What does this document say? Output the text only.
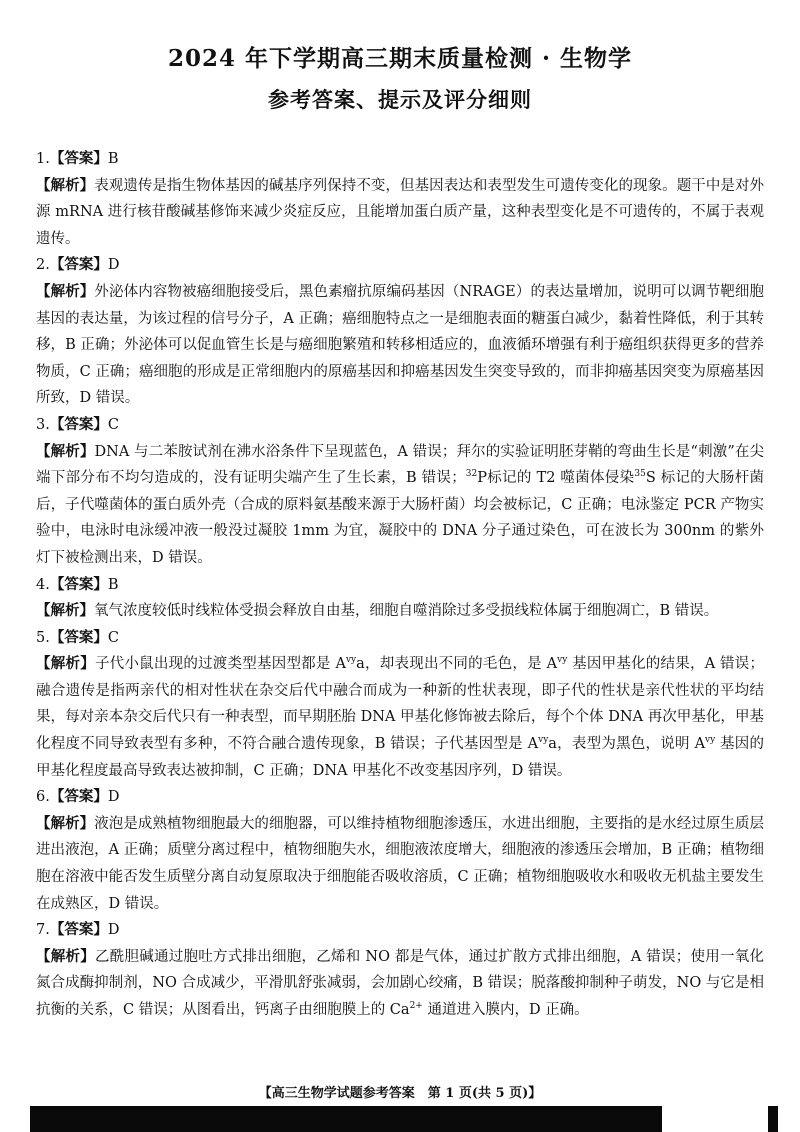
2024 年下学期高三期末质量检测 · 生物学
参考答案、提示及评分细则

1.【答案】B

【解析】表观遗传是指生物体基因的碱基序列保持不变，但基因表达和表型发生可遗传变化的现象。题干中是对外源 mRNA 进行核苷酸碱基修饰来减少炎症反应，且能增加蛋白质产量，这种表型变化是不可遗传的，不属于表观遗传。

2.【答案】D

【解析】外泌体内容物被癌细胞接受后，黑色素瘤抗原编码基因（NRAGE）的表达量增加，说明可以调节靶细胞基因的表达量，为该过程的信号分子，A 正确；癌细胞特点之一是细胞表面的糖蛋白减少，黏着性降低，利于其转移，B 正确；外泌体可以促血管生长是与癌细胞繁殖和转移相适应的，血液循环增强有利于癌组织获得更多的营养物质，C 正确；癌细胞的形成是正常细胞内的原癌基因和抑癌基因发生突变导致的，而非抑癌基因突变为原癌基因所致，D 错误。

3.【答案】C

【解析】DNA 与二苯胺试剂在沸水浴条件下呈现蓝色，A 错误；拜尔的实验证明胚芽鞘的弯曲生长是“刺激”在尖端下部分布不均匀造成的，没有证明尖端产生了生长素，B 错误；$^{32}$P标记的 T2 噬菌体侵染$^{35}$S 标记的大肠杆菌后，子代噬菌体的蛋白质外壳（合成的原料氨基酸来源于大肠杆菌）均会被标记，C 正确；电泳鉴定 PCR 产物实验中，电泳时电泳缓冲液一般没过凝胶 1mm 为宜，凝胶中的 DNA 分子通过染色，可在波长为 300nm 的紫外灯下被检测出来，D 错误。

4.【答案】B

【解析】氧气浓度较低时线粒体受损会释放自由基，细胞自噬消除过多受损线粒体属于细胞凋亡，B 错误。

5.【答案】C

【解析】子代小鼠出现的过渡类型基因型都是 $A^{vy}a$，却表现出不同的毛色，是 $A^{vy}$ 基因甲基化的结果，A 错误；融合遗传是指两亲代的相对性状在杂交后代中融合而成为一种新的性状表现，即子代的性状是亲代性状的平均结果，每对亲本杂交后代只有一种表型，而早期胚胎 DNA 甲基化修饰被去除后，每个个体 DNA 再次甲基化，甲基化程度不同导致表型有多种，不符合融合遗传现象，B 错误；子代基因型是 $A^{vy}a$，表型为黑色，说明 $A^{vy}$ 基因的甲基化程度最高导致表达被抑制，C 正确；DNA 甲基化不改变基因序列，D 错误。

6.【答案】D

【解析】液泡是成熟植物细胞最大的细胞器，可以维持植物细胞渗透压，水进出细胞，主要指的是水经过原生质层进出液泡，A 正确；质壁分离过程中，植物细胞失水，细胞液浓度增大，细胞液的渗透压会增加，B 正确；植物细胞在溶液中能否发生质壁分离自动复原取决于细胞能否吸收溶质，C 正确；植物细胞吸收水和吸收无机盐主要发生在成熟区，D 错误。

7.【答案】D

【解析】乙酰胆碱通过胞吐方式排出细胞，乙烯和 NO 都是气体，通过扩散方式排出细胞，A 错误；使用一氧化氮合成酶抑制剂，NO 合成减少，平滑肌舒张减弱，会加剧心绞痛，B 错误；脱落酸抑制种子萌发，NO 与它是相抗衡的关系，C 错误；从图看出，钙离子由细胞膜上的 $Ca^{2+}$ 通道进入膜内，D 正确。

【高三生物学试题参考答案　第 1 页(共 5 页)】
